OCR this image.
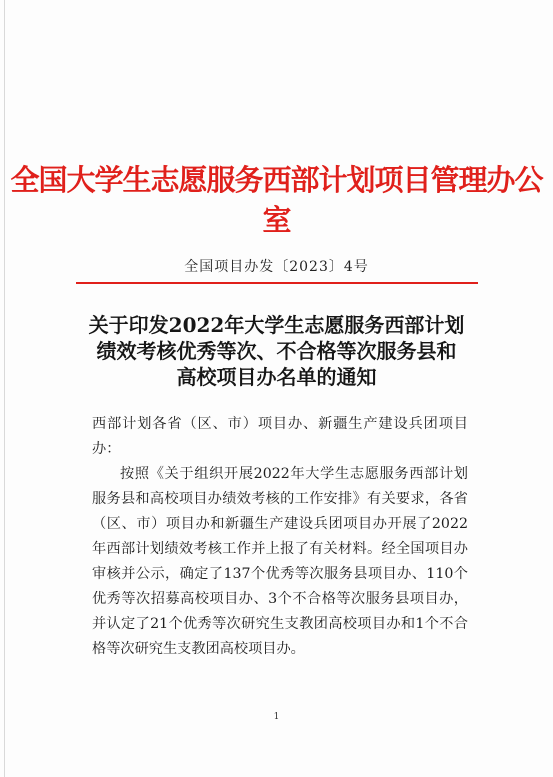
全国大学生志愿服务西部计划项目管理办公室
全国项目办发〔2023〕4号
关于印发2022年大学生志愿服务西部计划
绩效考核优秀等次、不合格等次服务县和
高校项目办名单的通知

西部计划各省（区、市）项目办、新疆生产建设兵团项目办：

按照《关于组织开展2022年大学生志愿服务西部计划服务县和高校项目办绩效考核的工作安排》有关要求，各省（区、市）项目办和新疆生产建设兵团项目办开展了2022年西部计划绩效考核工作并上报了有关材料。经全国项目办审核并公示，确定了137个优秀等次服务县项目办、110个优秀等次招募高校项目办、3个不合格等次服务县项目办，并认定了21个优秀等次研究生支教团高校项目办和1个不合格等次研究生支教团高校项目办。

1
